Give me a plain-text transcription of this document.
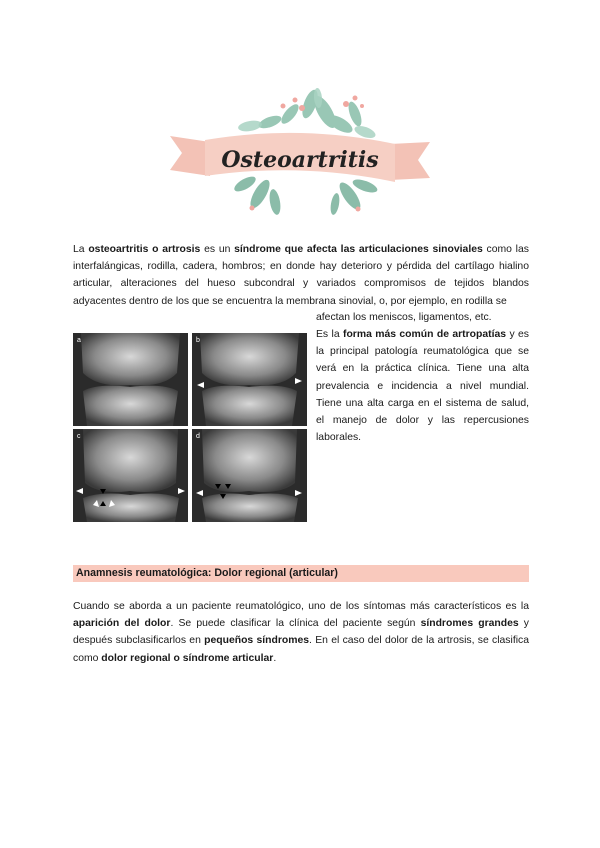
Osteoartritis
La osteoartritis o artrosis es un síndrome que afecta las articulaciones sinoviales como las interfalángicas, rodilla, cadera, hombros; en donde hay deterioro y pérdida del cartílago hialino articular, alteraciones del hueso subcondral y variados compromisos de tejidos blandos adyacentes dentro de los que se encuentra la membrana sinovial, o, por ejemplo, en rodilla se
afectan los meniscos, ligamentos, etc.
a	b
c	d
Es la forma más común de artropatías y es la principal patología reumatológica que se verá en la práctica clínica. Tiene una alta prevalencia e incidencia a nivel mundial. Tiene una alta carga en el sistema de salud, el manejo de dolor y las repercusiones laborales.
Anamnesis reumatológica: Dolor regional (articular)
Cuando se aborda a un paciente reumatológico, uno de los síntomas más característicos es la aparición del dolor. Se puede clasificar la clínica del paciente según síndromes grandes y después subclasificarlos en pequeños síndromes. En el caso del dolor de la artrosis, se clasifica como dolor regional o síndrome articular.
